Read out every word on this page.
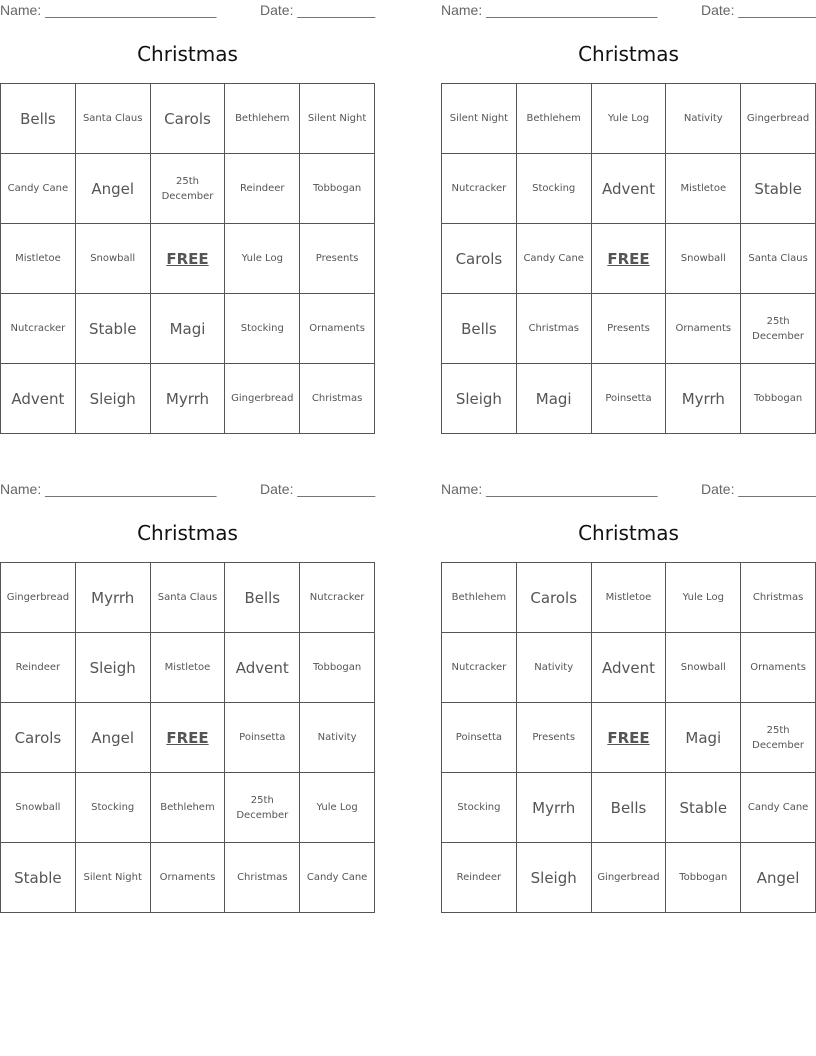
Name: ______________________	Date: __________
Christmas
Bells	Santa Claus	Carols	Bethlehem	Silent Night
Candy Cane	Angel	25th December	Reindeer	Tobbogan
Mistletoe	Snowball	FREE	Yule Log	Presents
Nutcracker	Stable	Magi	Stocking	Ornaments
Advent	Sleigh	Myrrh	Gingerbread	Christmas
Name: ______________________	Date: __________
Christmas
Silent Night	Bethlehem	Yule Log	Nativity	Gingerbread
Nutcracker	Stocking	Advent	Mistletoe	Stable
Carols	Candy Cane	FREE	Snowball	Santa Claus
Bells	Christmas	Presents	Ornaments	25th December
Sleigh	Magi	Poinsetta	Myrrh	Tobbogan
Name: ______________________	Date: __________
Christmas
Gingerbread	Myrrh	Santa Claus	Bells	Nutcracker
Reindeer	Sleigh	Mistletoe	Advent	Tobbogan
Carols	Angel	FREE	Poinsetta	Nativity
Snowball	Stocking	Bethlehem	25th December	Yule Log
Stable	Silent Night	Ornaments	Christmas	Candy Cane
Name: ______________________	Date: __________
Christmas
Bethlehem	Carols	Mistletoe	Yule Log	Christmas
Nutcracker	Nativity	Advent	Snowball	Ornaments
Poinsetta	Presents	FREE	Magi	25th December
Stocking	Myrrh	Bells	Stable	Candy Cane
Reindeer	Sleigh	Gingerbread	Tobbogan	Angel
